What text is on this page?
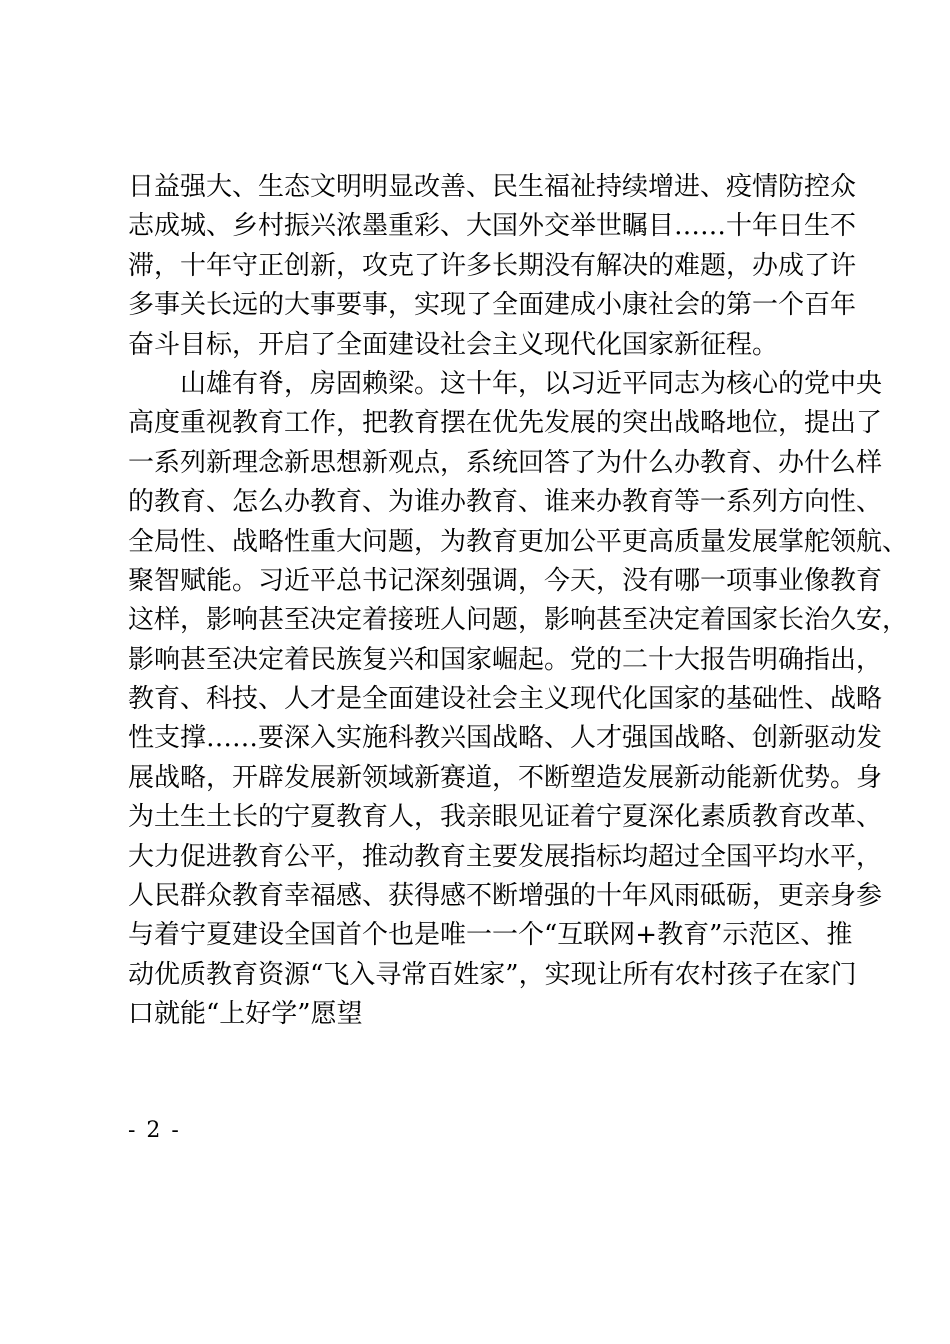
日益强大、生态文明明显改善、民生福祉持续增进、疫情防控众
志成城、乡村振兴浓墨重彩、大国外交举世瞩目……十年日生不
滞，十年守正创新，攻克了许多长期没有解决的难题，办成了许
多事关长远的大事要事，实现了全面建成小康社会的第一个百年
奋斗目标，开启了全面建设社会主义现代化国家新征程。
山雄有脊，房固赖梁。这十年，以习近平同志为核心的党中央
高度重视教育工作，把教育摆在优先发展的突出战略地位，提出了
一系列新理念新思想新观点，系统回答了为什么办教育、办什么样
的教育、怎么办教育、为谁办教育、谁来办教育等一系列方向性、
全局性、战略性重大问题，为教育更加公平更高质量发展掌舵领航、
聚智赋能。习近平总书记深刻强调，今天，没有哪一项事业像教育
这样，影响甚至决定着接班人问题，影响甚至决定着国家长治久安，
影响甚至决定着民族复兴和国家崛起。党的二十大报告明确指出，
教育、科技、人才是全面建设社会主义现代化国家的基础性、战略
性支撑……要深入实施科教兴国战略、人才强国战略、创新驱动发
展战略，开辟发展新领域新赛道，不断塑造发展新动能新优势。身
为土生土长的宁夏教育人，我亲眼见证着宁夏深化素质教育改革、
大力促进教育公平，推动教育主要发展指标均超过全国平均水平，
人民群众教育幸福感、获得感不断增强的十年风雨砥砺，更亲身参
与着宁夏建设全国首个也是唯一一个“互联网+教育”示范区、推
动优质教育资源“飞入寻常百姓家”，实现让所有农村孩子在家门
口就能“上好学”愿望
- 2 -
